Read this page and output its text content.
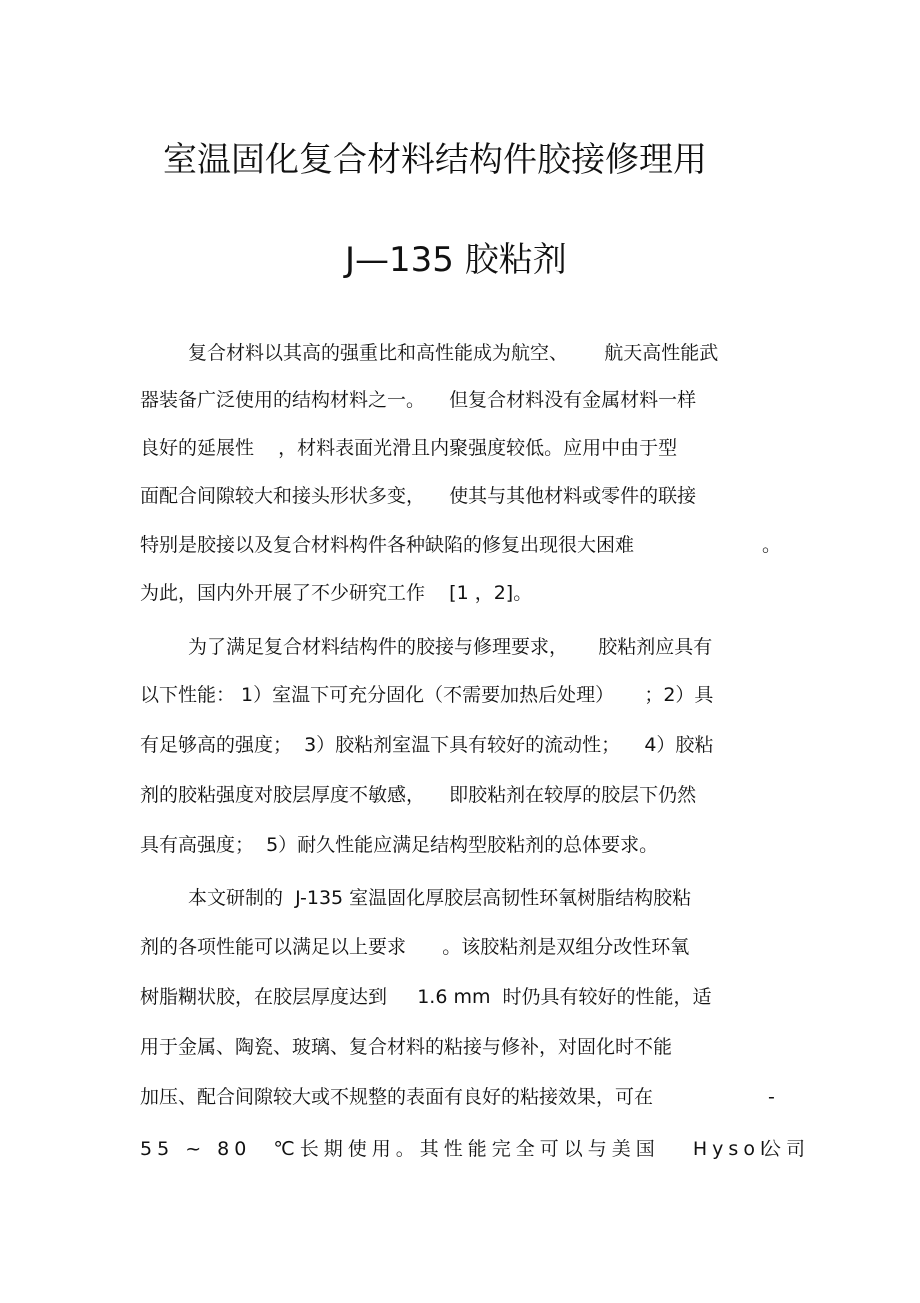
室温固化复合材料结构件胶接修理用
J—135 胶粘剂

复合材料以其高的强重比和高性能成为航空、      航天高性能武

器装备广泛使用的结构材料之一。    但复合材料没有金属材料一样

良好的延展性    ，材料表面光滑且内聚强度较低。应用中由于型

面配合间隙较大和接头形状多变，    使其与其他材料或零件的联接

特别是胶接以及复合材料构件各种缺陷的修复出现很大困难	。

为此，国内外开展了不少研究工作    [1 ，2]。

为了满足复合材料结构件的胶接与修理要求，     胶粘剂应具有

以下性能： 1）室温下可充分固化（不需要加热后处理）     ；2）具

有足够高的强度；  3）胶粘剂室温下具有较好的流动性；    4）胶粘

剂的胶粘强度对胶层厚度不敏感，    即胶粘剂在较厚的胶层下仍然

具有高强度；  5）耐久性能应满足结构型胶粘剂的总体要求。

本文研制的  J-135 室温固化厚胶层高韧性环氧树脂结构胶粘

剂的各项性能可以满足以上要求      。该胶粘剂是双组分改性环氧

树脂糊状胶，在胶层厚度达到     1.6 mm  时仍具有较好的性能，适

用于金属、陶瓷、玻璃、复合材料的粘接与修补，对固化时不能

加压、配合间隙较大或不规整的表面有良好的粘接效果，可在	-

55 ~ 80  ℃长期使用。其性能完全可以与美国   Hysol

公司
